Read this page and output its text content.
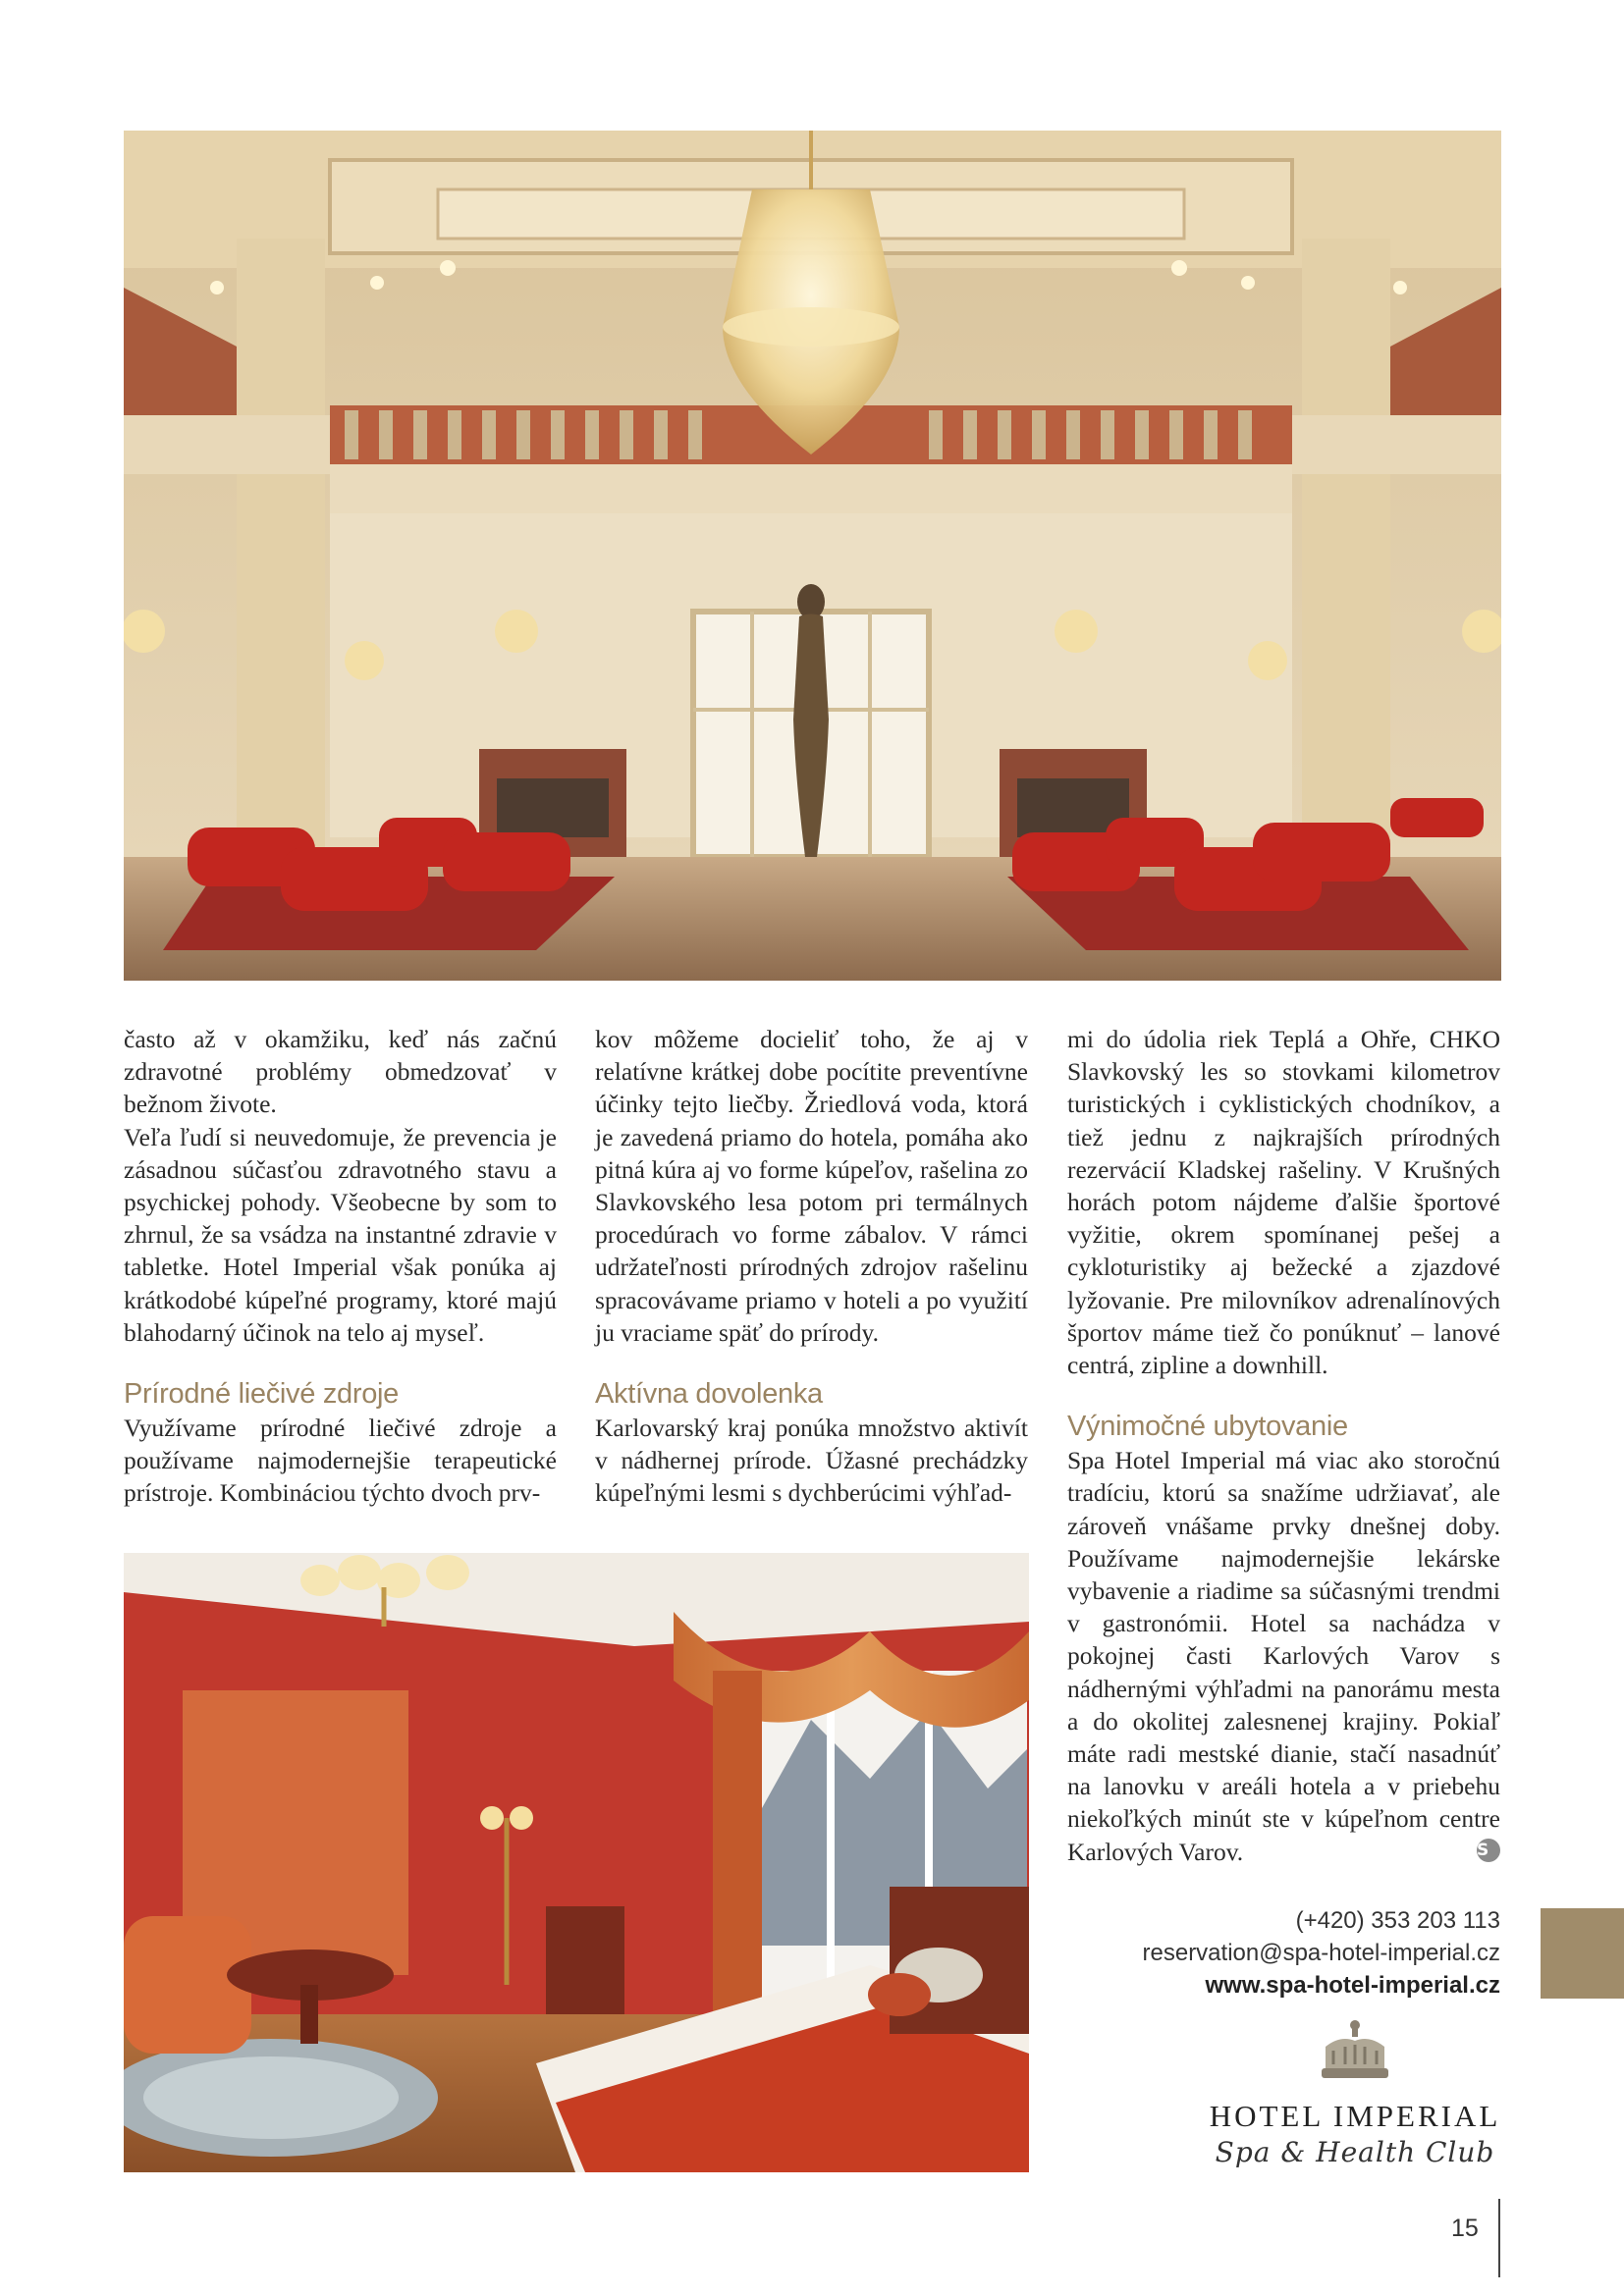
často až v okamžiku, keď nás začnú zdravotné problémy obmedzovať v bežnom živote.

Veľa ľudí si neuvedomuje, že prevencia je zásadnou súčasťou zdravotného stavu a psychickej pohody. Všeobecne by som to zhrnul, že sa vsádza na instantné zdravie v tabletke. Hotel Imperial však ponúka aj krátkodobé kúpeľné programy, ktoré majú blahodarný účinok na telo aj myseľ.

Prírodné liečivé zdroje

Využívame prírodné liečivé zdroje a používame najmodernejšie terapeutické prístroje. Kombináciou týchto dvoch prv-

kov môžeme docieliť toho, že aj v relatívne krátkej dobe pocítite preventívne účinky tejto liečby. Žriedlová voda, ktorá je zavedená priamo do hotela, pomáha ako pitná kúra aj vo forme kúpeľov, rašelina zo Slavkovského lesa potom pri termálnych procedúrach vo forme zábalov. V rámci udržateľnosti prírodných zdrojov rašelinu spracovávame priamo v hoteli a po využití ju vraciame späť do prírody.

Aktívna dovolenka

Karlovarský kraj ponúka množstvo aktivít v nádhernej prírode. Úžasné prechádzky kúpeľnými lesmi s dychberúcimi výhľad-

mi do údolia riek Teplá a Ohře, CHKO Slavkovský les so stovkami kilometrov turistických i cyklistických chodníkov, a tiež jednu z najkrajších prírodných rezervácií Kladskej rašeliny. V Krušných horách potom nájdeme ďalšie športové vyžitie, okrem spomínanej pešej a cykloturistiky aj bežecké a zjazdové lyžovanie. Pre milovníkov adrenalínových športov máme tiež čo ponúknuť – lanové centrá, zipline a downhill.

Výnimočné ubytovanie

Spa Hotel Imperial má viac ako storočnú tradíciu, ktorú sa snažíme udržiavať, ale zároveň vnášame prvky dnešnej doby. Používame najmodernejšie lekárske vybavenie a riadime sa súčasnými trendmi v gastronómii. Hotel sa nachádza v pokojnej časti Karlových Varov s nádhernými výhľadmi na panorámu mesta a do okolitej zalesnenej krajiny. Pokiaľ máte radi mestské dianie, stačí nasadnúť na lanovku v areáli hotela a v priebehu niekoľkých minút ste v kúpeľnom centre Karlových Varov.	S

(+420) 353 203 113
reservation@spa-hotel-imperial.cz
www.spa-hotel-imperial.cz
HOTEL IMPERIAL
Spa & Health Club
15
